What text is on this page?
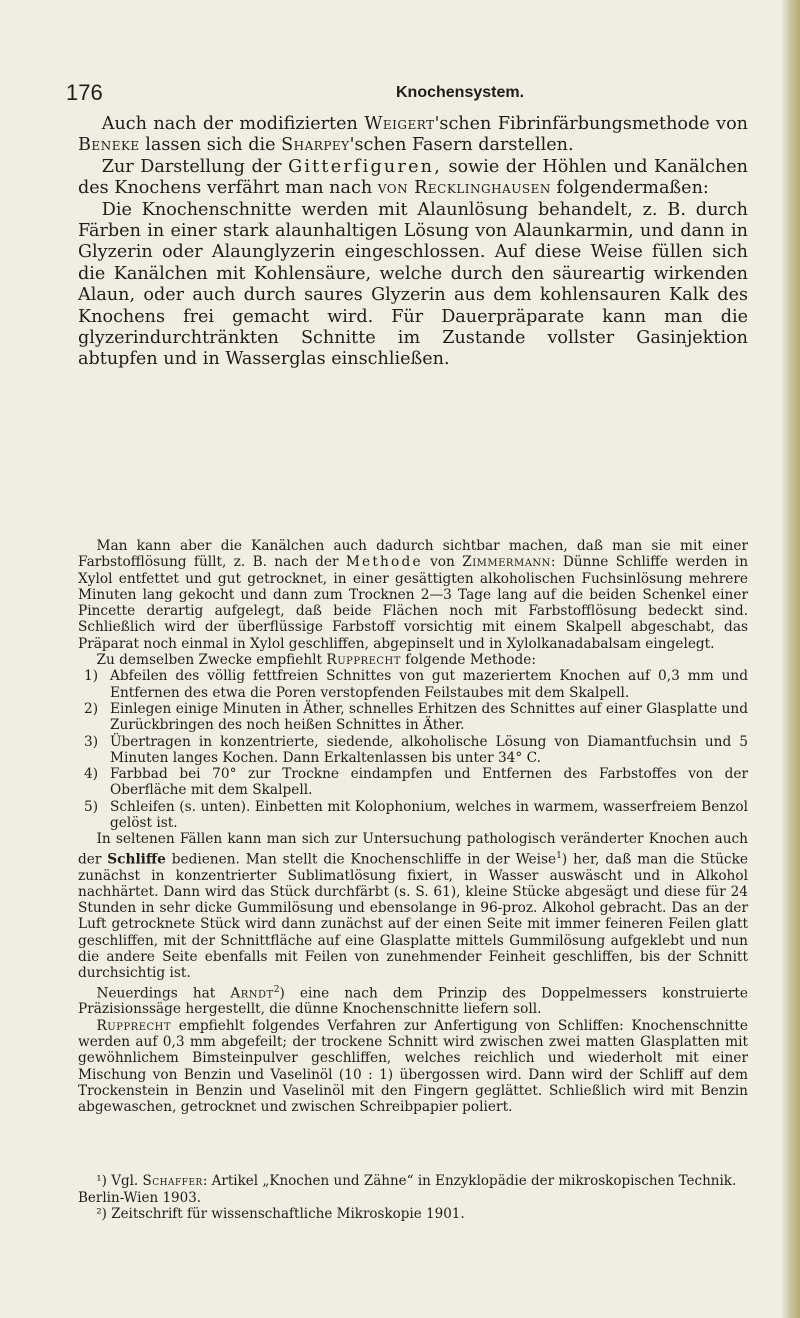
176	Knochensystem.

Auch nach der modifizierten Weigert'schen Fibrinfärbungsmethode von Beneke lassen sich die Sharpey'schen Fasern darstellen.

Zur Darstellung der Gitterfiguren, sowie der Höhlen und Kanälchen des Knochens verfährt man nach von Recklinghausen folgendermaßen:

Die Knochenschnitte werden mit Alaunlösung behandelt, z. B. durch Färben in einer stark alaunhaltigen Lösung von Alaunkarmin, und dann in Glyzerin oder Alaunglyzerin eingeschlossen. Auf diese Weise füllen sich die Kanälchen mit Kohlensäure, welche durch den säureartig wirkenden Alaun, oder auch durch saures Glyzerin aus dem kohlensauren Kalk des Knochens frei gemacht wird. Für Dauerpräparate kann man die glyzerindurchtränkten Schnitte im Zustande vollster Gasinjektion abtupfen und in Wasserglas einschließen.

Man kann aber die Kanälchen auch dadurch sichtbar machen, daß man sie mit einer Farbstofflösung füllt, z. B. nach der Methode von Zimmermann: Dünne Schliffe werden in Xylol entfettet und gut getrocknet, in einer gesättigten alkoholischen Fuchsinlösung mehrere Minuten lang gekocht und dann zum Trocknen 2—3 Tage lang auf die beiden Schenkel einer Pincette derartig aufgelegt, daß beide Flächen noch mit Farbstofflösung bedeckt sind. Schließlich wird der überflüssige Farbstoff vorsichtig mit einem Skalpell abgeschabt, das Präparat noch einmal in Xylol geschliffen, abgepinselt und in Xylolkanadabalsam eingelegt.

Zu demselben Zwecke empfiehlt Rupprecht folgende Methode:

1) Abfeilen des völlig fettfreien Schnittes von gut mazeriertem Knochen auf 0,3 mm und Entfernen des etwa die Poren verstopfenden Feilstaubes mit dem Skalpell.
2) Einlegen einige Minuten in Äther, schnelles Erhitzen des Schnittes auf einer Glasplatte und Zurückbringen des noch heißen Schnittes in Äther.
3) Übertragen in konzentrierte, siedende, alkoholische Lösung von Diamantfuchsin und 5 Minuten langes Kochen. Dann Erkaltenlassen bis unter 34° C.
4) Farbbad bei 70° zur Trockne eindampfen und Entfernen des Farbstoffes von der Oberfläche mit dem Skalpell.
5) Schleifen (s. unten). Einbetten mit Kolophonium, welches in warmem, wasserfreiem Benzol gelöst ist.

In seltenen Fällen kann man sich zur Untersuchung pathologisch veränderter Knochen auch der Schliffe bedienen. Man stellt die Knochenschliffe in der Weise$^1$) her, daß man die Stücke zunächst in konzentrierter Sublimatlösung fixiert, in Wasser auswäscht und in Alkohol nachhärtet. Dann wird das Stück durchfärbt (s. S. 61), kleine Stücke abgesägt und diese für 24 Stunden in sehr dicke Gummilösung und ebensolange in 96-proz. Alkohol gebracht. Das an der Luft getrocknete Stück wird dann zunächst auf der einen Seite mit immer feineren Feilen glatt geschliffen, mit der Schnittfläche auf eine Glasplatte mittels Gummilösung aufgeklebt und nun die andere Seite ebenfalls mit Feilen von zunehmender Feinheit geschliffen, bis der Schnitt durchsichtig ist.

Neuerdings hat Arndt$^2$) eine nach dem Prinzip des Doppelmessers konstruierte Präzisionssäge hergestellt, die dünne Knochenschnitte liefern soll.

Rupprecht empfiehlt folgendes Verfahren zur Anfertigung von Schliffen: Knochenschnitte werden auf 0,3 mm abgefeilt; der trockene Schnitt wird zwischen zwei matten Glasplatten mit gewöhnlichem Bimsteinpulver geschliffen, welches reichlich und wiederholt mit einer Mischung von Benzin und Vaselinöl (10 : 1) übergossen wird. Dann wird der Schliff auf dem Trockenstein in Benzin und Vaselinöl mit den Fingern geglättet. Schließlich wird mit Benzin abgewaschen, getrocknet und zwischen Schreibpapier poliert.

¹) Vgl. Schaffer: Artikel „Knochen und Zähne“ in Enzyklopädie der mikroskopischen Technik. Berlin-Wien 1903.

²) Zeitschrift für wissenschaftliche Mikroskopie 1901.
